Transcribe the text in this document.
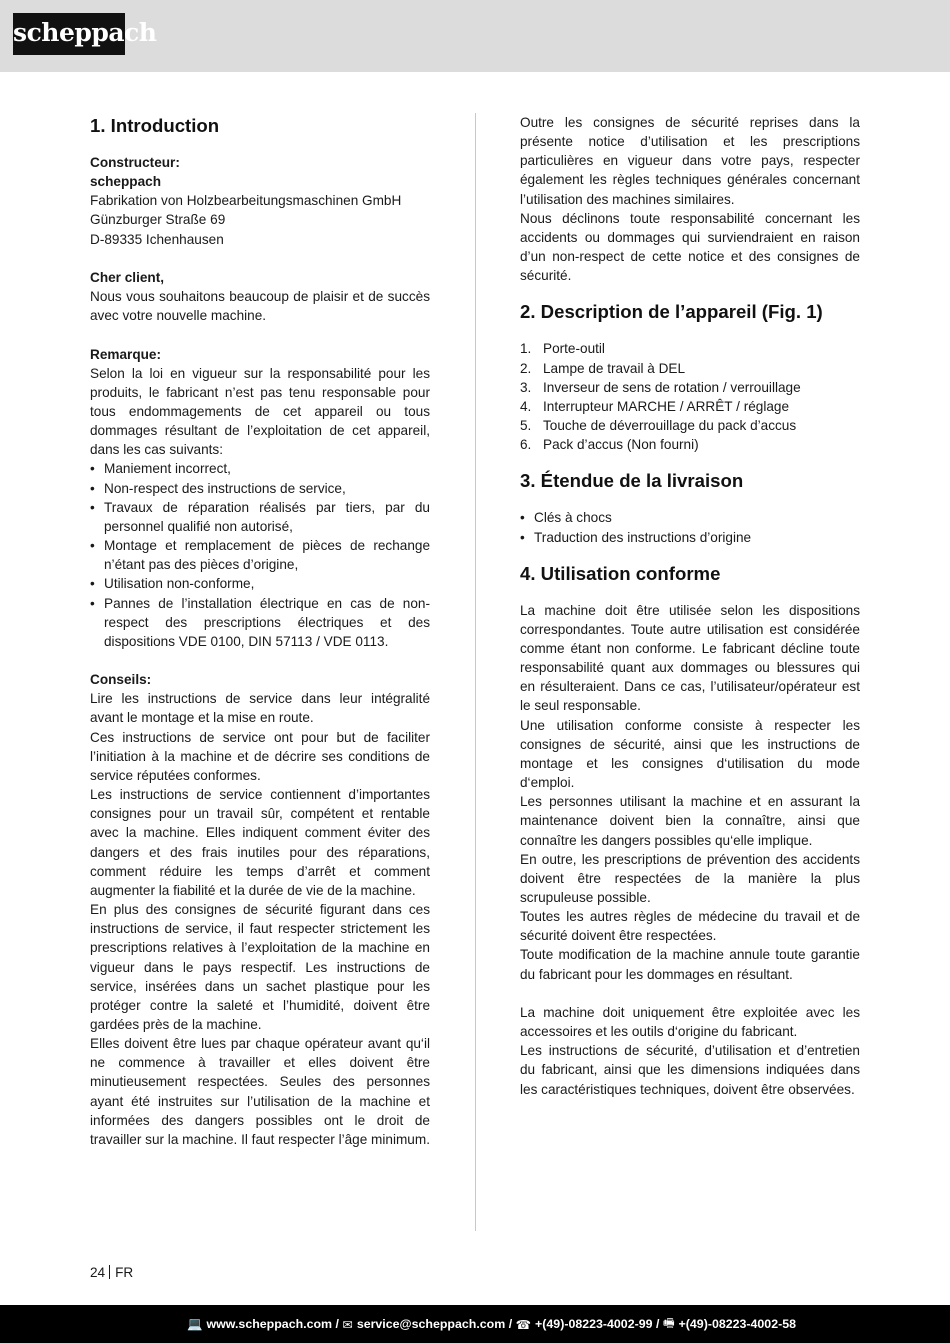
scheppach
1. Introduction
Constructeur:
scheppach
Fabrikation von Holzbearbeitungsmaschinen GmbH
Günzburger Straße 69
D-89335 Ichenhausen
Cher client,

Nous vous souhaitons beaucoup de plaisir et de succès avec votre nouvelle machine.

Remarque:

Selon la loi en vigueur sur la responsabilité pour les produits, le fabricant n’est pas tenu responsable pour tous endommagements de cet appareil ou tous dommages résultant de l’exploitation de cet appareil, dans les cas suivants:

• Maniement incorrect,
• Non-respect des instructions de service,
• Travaux de réparation réalisés par tiers, par du personnel qualifié non autorisé,
• Montage et remplacement de pièces de rechange n’étant pas des pièces d’origine,
• Utilisation non-conforme,
• Pannes de l’installation électrique en cas de non-respect des prescriptions électriques et des dispositions VDE 0100, DIN 57113 / VDE 0113.
Conseils:

Lire les instructions de service dans leur intégralité avant le montage et la mise en route.

Ces instructions de service ont pour but de faciliter l’initiation à la machine et de décrire ses conditions de service réputées conformes.

Les instructions de service contiennent d’importantes consignes pour un travail sûr, compétent et rentable avec la machine. Elles indiquent comment éviter des dangers et des frais inutiles pour des réparations, comment réduire les temps d’arrêt et comment augmenter la fiabilité et la durée de vie de la machine.

En plus des consignes de sécurité figurant dans ces instructions de service, il faut respecter strictement les prescriptions relatives à l’exploitation de la machine en vigueur dans le pays respectif. Les instructions de service, insérées dans un sachet plastique pour les protéger contre la saleté et l’humidité, doivent être gardées près de la machine.

Elles doivent être lues par chaque opérateur avant qu‘il ne commence à travailler et elles doivent être minutieusement respectées. Seules des personnes ayant été instruites sur l’utilisation de la machine et informées des dangers possibles ont le droit de travailler sur la machine. Il faut respecter l’âge minimum.

Outre les consignes de sécurité reprises dans la présente notice d’utilisation et les prescriptions particulières en vigueur dans votre pays, respecter également les règles techniques générales concernant l’utilisation des machines similaires.

Nous déclinons toute responsabilité concernant les accidents ou dommages qui surviendraient en raison d’un non-respect de cette notice et des consignes de sécurité.

2. Description de l’appareil (Fig. 1)
1. Porte-outil
2. Lampe de travail à DEL
3. Inverseur de sens de rotation / verrouillage
4. Interrupteur MARCHE / ARRÊT / réglage
5. Touche de déverrouillage du pack d’accus
6. Pack d’accus (Non fourni)
3. Étendue de la livraison
• Clés à chocs
• Traduction des instructions d’origine
4. Utilisation conforme

La machine doit être utilisée selon les dispositions correspondantes. Toute autre utilisation est considérée comme étant non conforme. Le fabricant décline toute responsabilité quant aux dommages ou blessures qui en résulteraient. Dans ce cas, l’utilisateur/opérateur est le seul responsable.

Une utilisation conforme consiste à respecter les consignes de sécurité, ainsi que les instructions de montage et les consignes d‘utilisation du mode d‘emploi.

Les personnes utilisant la machine et en assurant la maintenance doivent bien la connaître, ainsi que connaître les dangers possibles qu‘elle implique.

En outre, les prescriptions de prévention des accidents doivent être respectées de la manière la plus scrupuleuse possible.

Toutes les autres règles de médecine du travail et de sécurité doivent être respectées.

Toute modification de la machine annule toute garantie du fabricant pour les dommages en résultant.

La machine doit uniquement être exploitée avec les accessoires et les outils d‘origine du fabricant.

Les instructions de sécurité, d’utilisation et d’entretien du fabricant, ainsi que les dimensions indiquées dans les caractéristiques techniques, doivent être observées.

24 FR
💻 www.scheppach.com /
✉ service@scheppach.com /
☎ +(49)-08223-4002-99 /
🖷 +(49)-08223-4002-58
